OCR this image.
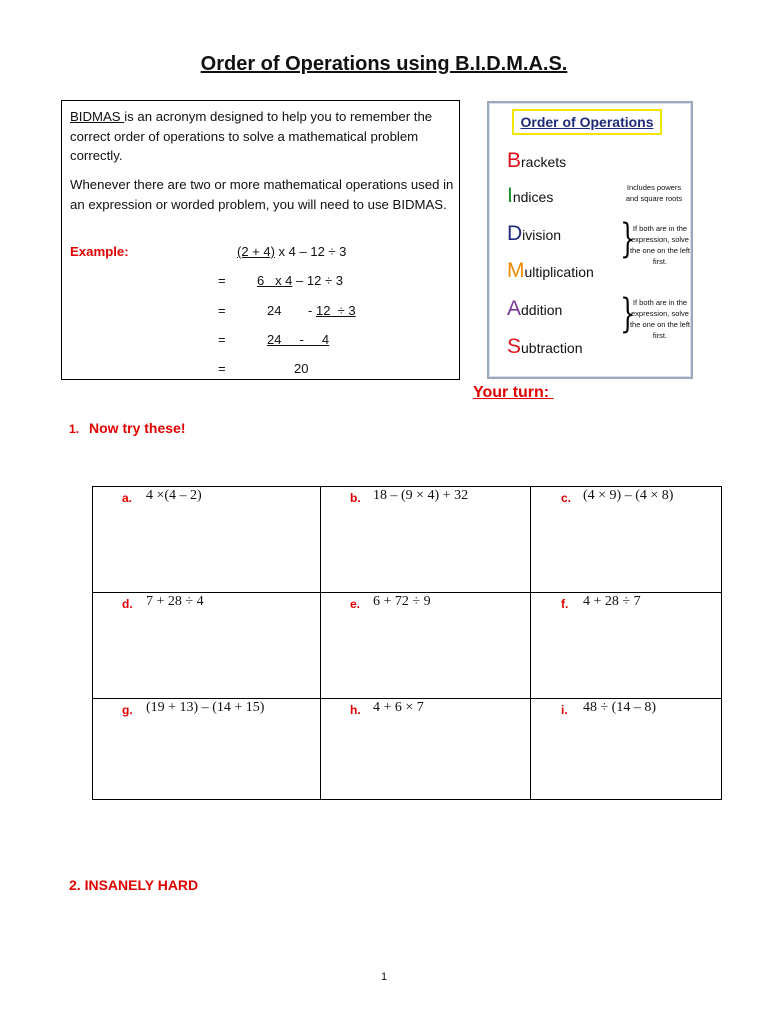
Order of Operations using B.I.D.M.A.S.
BIDMAS is an acronym designed to help you to remember the correct order of operations to solve a mathematical problem correctly.
Whenever there are two or more mathematical operations used in an expression or worded problem, you will need to use BIDMAS.
Example:	(2 + 4) x 4 – 12 ÷ 3
= 6   x 4 – 12 ÷ 3
=	24 - 12  ÷ 3
=	24     -     4
=	20
Order of Operations
Brackets
Indices
Division
Multiplication
Addition
Subtraction
Includes powers and square roots
}
If both are in the expression, solve the one on the left first.
}
If both are in the expression, solve the one on the left first.
Your turn:
1. Now try these!
a. 4 ×(4 – 2)	b. 18 – (9 × 4) + 32	c. (4 × 9) – (4 × 8)
d. 7 + 28 ÷ 4	e. 6 + 72 ÷ 9	f. 4 + 28 ÷ 7
g. (19 + 13) – (14 + 15)	h. 4 + 6 × 7	i. 48 ÷ (14 – 8)
2. INSANELY HARD
1
